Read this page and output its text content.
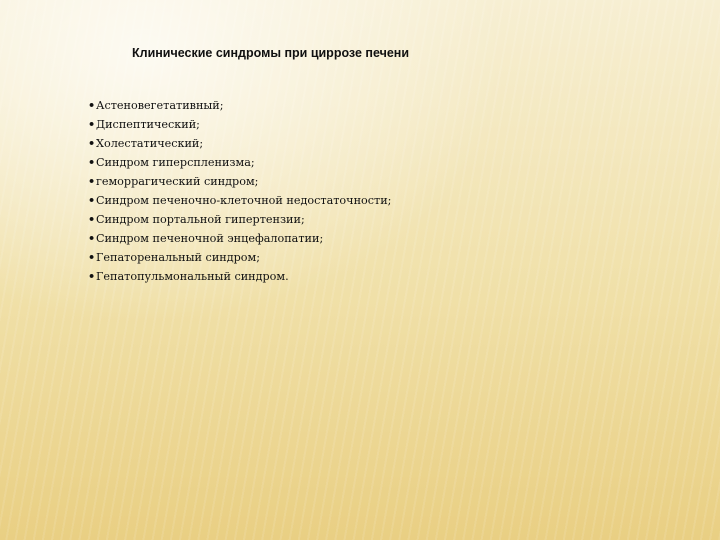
Клинические синдромы при циррозе печени
•Астеновегетативный;
•Диспептический;
•Холестатический;
•Синдром гиперспленизма;
•геморрагический синдром;
•Синдром печеночно-клеточной недостаточности;
•Синдром портальной гипертензии;
•Синдром печеночной энцефалопатии;
•Гепаторенальный синдром;
•Гепатопульмональный синдром.
